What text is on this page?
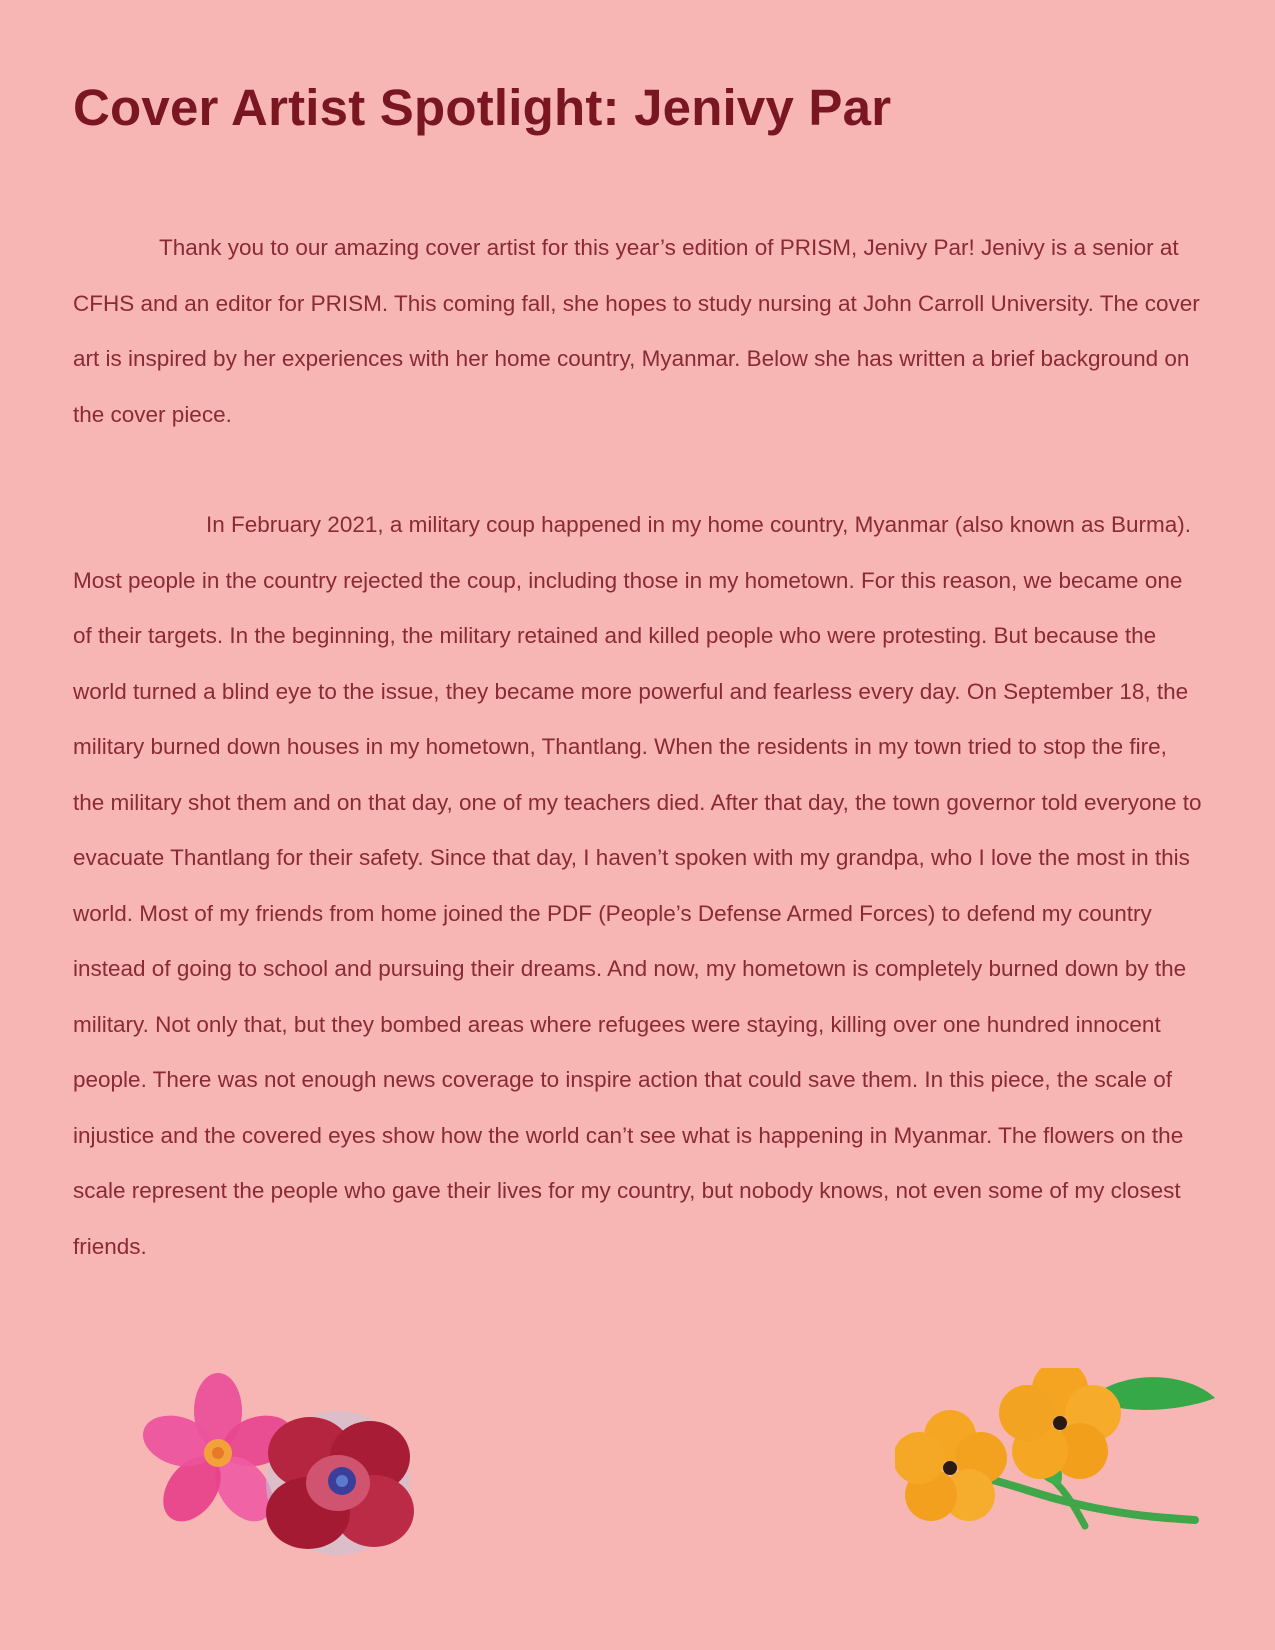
Cover Artist Spotlight: Jenivy Par

Thank you to our amazing cover artist for this year’s edition of PRISM, Jenivy Par! Jenivy is a senior at CFHS and an editor for PRISM. This coming fall, she hopes to study nursing at John Carroll University. The cover art is inspired by her experiences with her home country, Myanmar. Below she has written a brief background on the cover piece.

In February 2021, a military coup happened in my home country, Myanmar (also known as Burma). Most people in the country rejected the coup, including those in my hometown. For this reason, we became one of their targets. In the beginning, the military retained and killed people who were protesting. But because the world turned a blind eye to the issue, they became more powerful and fearless every day. On September 18, the military burned down houses in my hometown, Thantlang. When the residents in my town tried to stop the fire, the military shot them and on that day, one of my teachers died. After that day, the town governor told everyone to evacuate Thantlang for their safety. Since that day, I haven’t spoken with my grandpa, who I love the most in this world. Most of my friends from home joined the PDF (People’s Defense Armed Forces) to defend my country instead of going to school and pursuing their dreams. And now, my hometown is completely burned down by the military. Not only that, but they bombed areas where refugees were staying, killing over one hundred innocent people. There was not enough news coverage to inspire action that could save them. In this piece, the scale of injustice and the covered eyes show how the world can’t see what is happening in Myanmar. The flowers on the scale represent the people who gave their lives for my country, but nobody knows, not even some of my closest friends.
